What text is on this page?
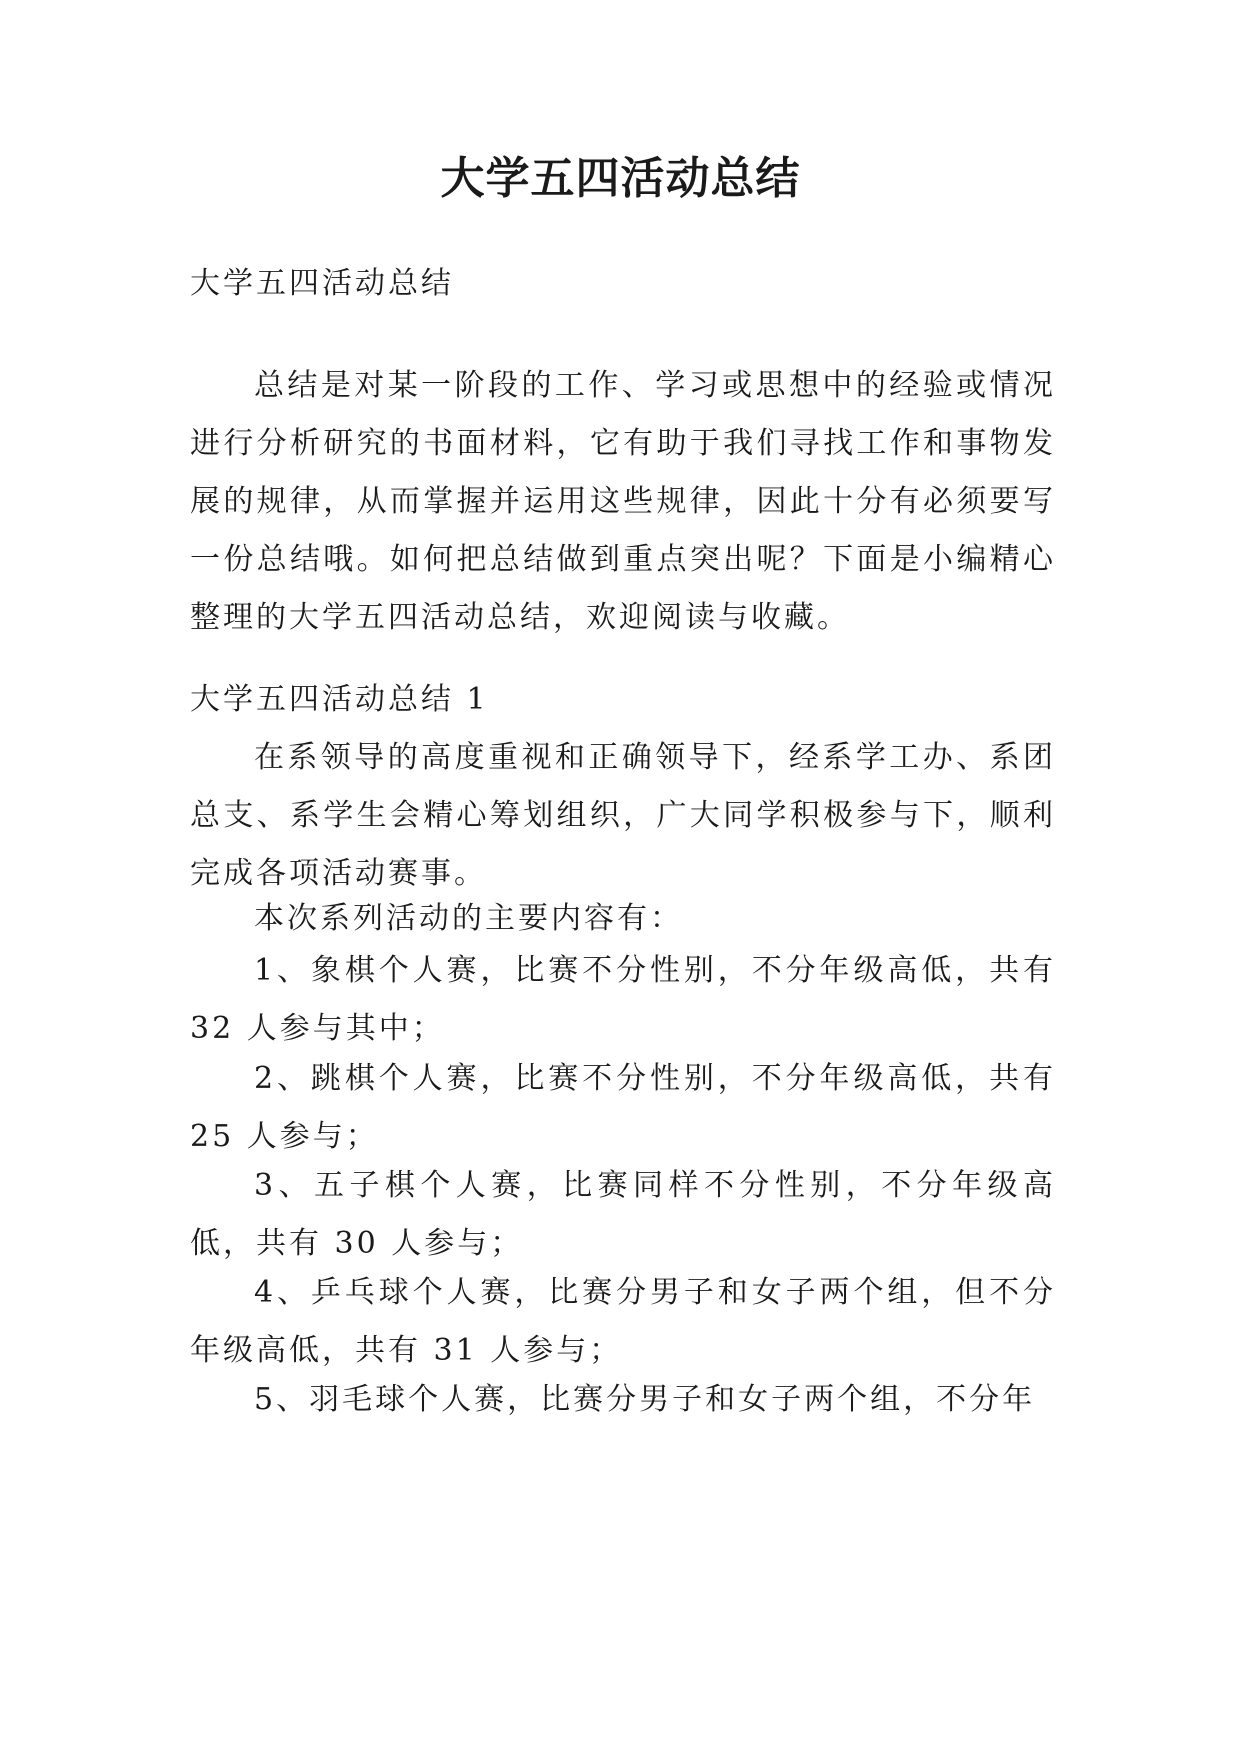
大学五四活动总结

大学五四活动总结

总结是对某一阶段的工作、学习或思想中的经验或情况进行分析研究的书面材料，它有助于我们寻找工作和事物发展的规律，从而掌握并运用这些规律，因此十分有必须要写一份总结哦。如何把总结做到重点突出呢？下面是小编精心整理的大学五四活动总结，欢迎阅读与收藏。

大学五四活动总结 1

在系领导的高度重视和正确领导下，经系学工办、系团总支、系学生会精心筹划组织，广大同学积极参与下，顺利完成各项活动赛事。

本次系列活动的主要内容有：

1、象棋个人赛，比赛不分性别，不分年级高低，共有 32 人参与其中；

2、跳棋个人赛，比赛不分性别，不分年级高低，共有 25 人参与；

3、五子棋个人赛，比赛同样不分性别，不分年级高低，共有 30 人参与；

4、乒乓球个人赛，比赛分男子和女子两个组，但不分年级高低，共有 31 人参与；

5、羽毛球个人赛，比赛分男子和女子两个组，不分年
